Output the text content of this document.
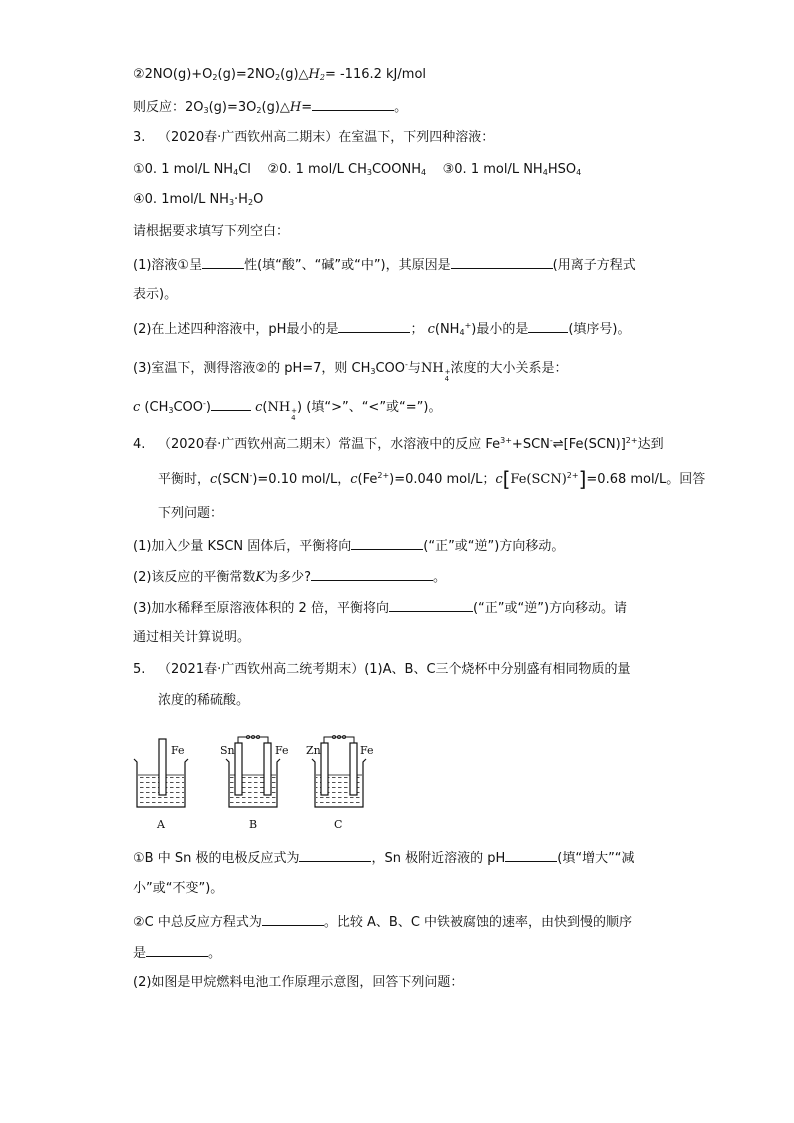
$②2NO(g)+O_2(g)=2NO_2(g)\triangle H_2= -116.2$ kJ/mol
则反应：$2O_3(g)=3O_2(g)\triangle H=$	。
3. （2020春·广西钦州高二期末）在室温下，下列四种溶液：
①0. 1 mol/L $NH_4Cl$ ②0. 1 mol/L $CH_3COONH_4$ ③0. 1 mol/L $NH_4HSO_4$
④0. 1mol/L $NH_3\cdot H_2O$
请根据要求填写下列空白：
(1)溶液①呈	性(填“酸”、“碱”或“中”)，其原因是	(用离子方程式
表示)。
(2)在上述四种溶液中，pH最小的是	； $c(NH_4^+)$最小的是	(填序号)。
(3)室温下，测得溶液②的 pH=7，则 $CH_3COO^-$与NH +
4
浓度的大小关系是：
c $(CH_3COO^-)$	c(NH +
4
) (填“>”、“<”或“=”)。
4. （2020春·广西钦州高二期末）常温下，水溶液中的反应 $Fe^{3+}+SCN^-\rightleftharpoons[Fe(SCN)]^{2+}$达到
平衡时，c(SCN-)=0.10 mol/L，$c(Fe^{2+})=0.040$ mol/L；c[Fe(SCN)$^{2+}$]=0.68 mol/L。回答
下列问题：
(1)加入少量 KSCN 固体后，平衡将向	(“正”或“逆”)方向移动。
(2)该反应的平衡常数K为多少?	。
(3)加水稀释至原溶液体积的 2 倍，平衡将向	(“正”或“逆”)方向移动。请
通过相关计算说明。
5. （2021春·广西钦州高二统考期末）(1)A、B、C三个烧杯中分别盛有相同物质的量
浓度的稀硫酸。
Fe
A
Sn	Fe
B
Zn	Fe
C
①B 中 Sn 极的电极反应式为	，Sn 极附近溶液的 pH	(填“增大”“减
小”或“不变”)。
②C 中总反应方程式为	。比较 A、B、C 中铁被腐蚀的速率，由快到慢的顺序
是	。
(2)如图是甲烷燃料电池工作原理示意图，回答下列问题：
